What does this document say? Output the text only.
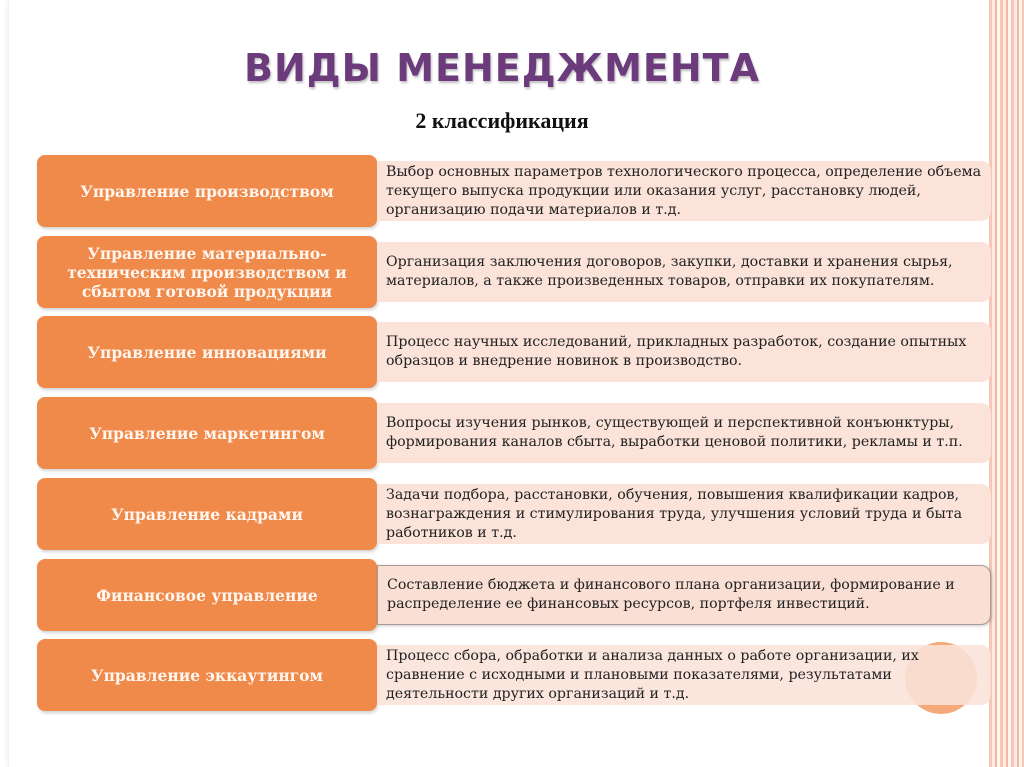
ВИДЫ МЕНЕДЖМЕНТА
2 классификация
Управление производством
Выбор основных параметров технологического процесса, определение объема текущего выпуска продукции или оказания услуг, расстановку людей, организацию подачи материалов и т.д.
Управление материально-техническим производством и сбытом готовой продукции
Организация заключения договоров, закупки, доставки и хранения сырья, материалов, а также произведенных товаров, отправки их покупателям.
Управление инновациями
Процесс научных исследований, прикладных разработок, создание опытных образцов и внедрение новинок в производство.
Управление маркетингом
Вопросы изучения рынков, существующей и перспективной конъюнктуры, формирования каналов сбыта, выработки ценовой политики, рекламы и т.п.
Управление кадрами
Задачи подбора, расстановки, обучения, повышения квалификации кадров, вознаграждения и стимулирования труда, улучшения условий труда и быта работников и т.д.
Финансовое управление
Составление бюджета и финансового плана организации, формирование и распределение ее финансовых ресурсов, портфеля инвестиций.
Управление эккаутингом
Процесс сбора, обработки и анализа данных о работе организации, их сравнение с исходными и плановыми показателями, результатами деятельности других организаций и т.д.
